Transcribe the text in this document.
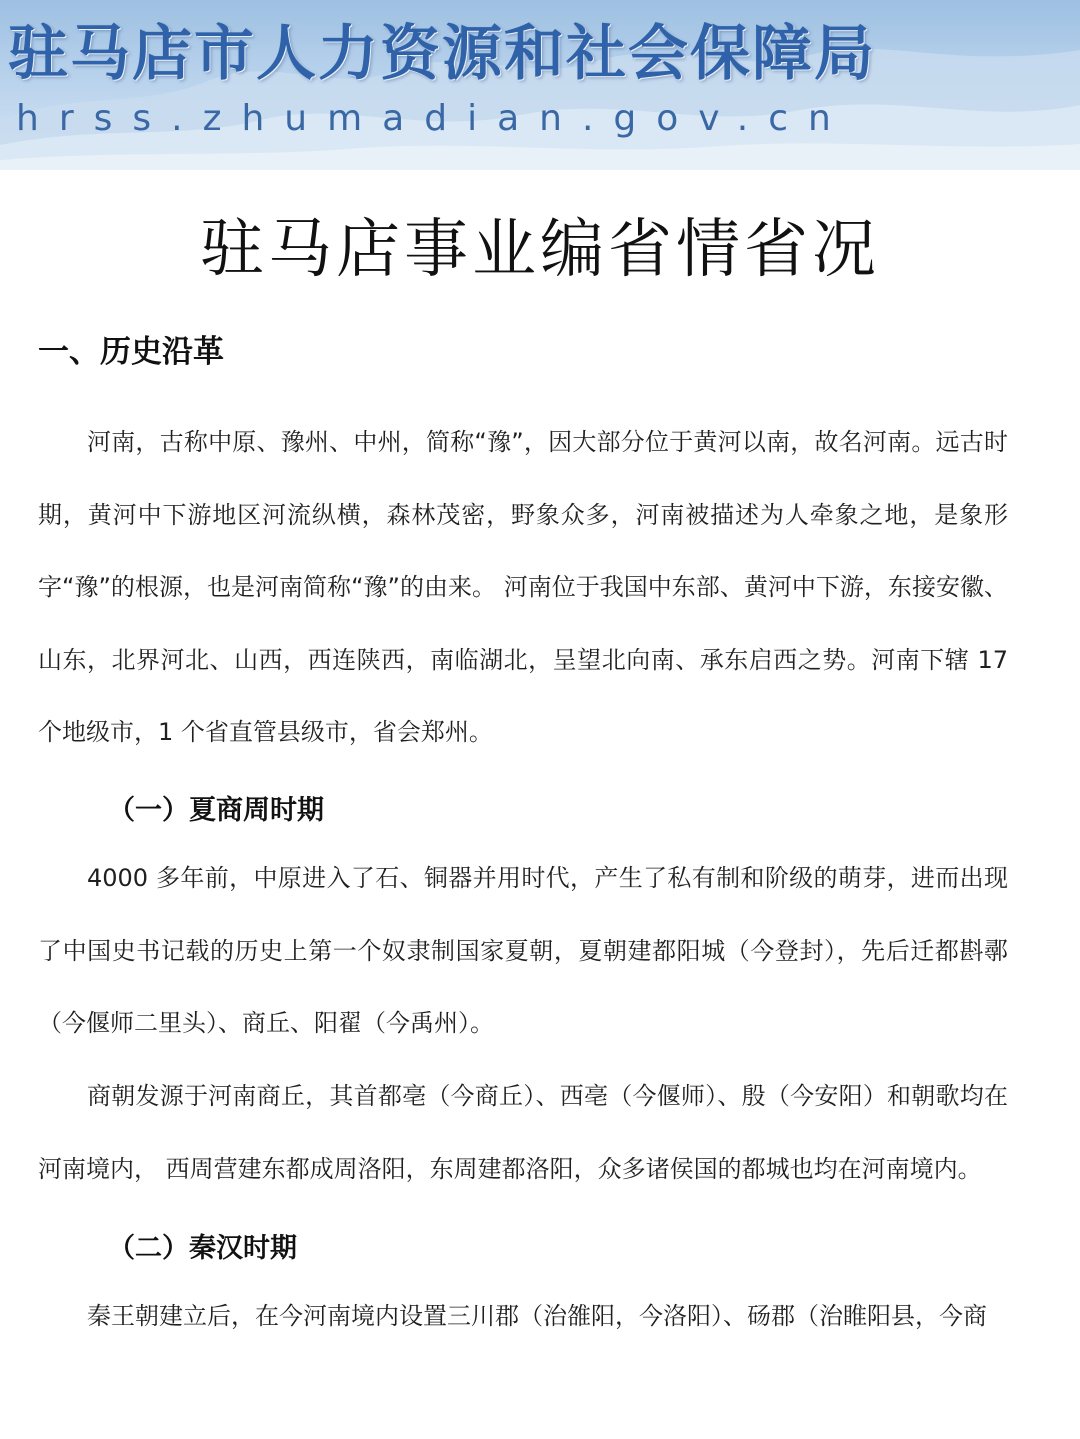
驻马店市人力资源和社会保障局
hrss.zhumadian.gov.cn
驻马店事业编省情省况
一、历史沿革

河南，古称中原、豫州、中州，简称“豫”，因大部分位于黄河以南，故名河南。远古时期，黄河中下游地区河流纵横，森林茂密，野象众多，河南被描述为人牵象之地，是象形字“豫”的根源，也是河南简称“豫”的由来。 河南位于我国中东部、黄河中下游，东接安徽、山东，北界河北、山西，西连陕西，南临湖北，呈望北向南、承东启西之势。河南下辖 17 个地级市，1 个省直管县级市，省会郑州。

（一）夏商周时期

4000 多年前，中原进入了石、铜器并用时代，产生了私有制和阶级的萌芽，进而出现了中国史书记载的历史上第一个奴隶制国家夏朝，夏朝建都阳城（今登封），先后迁都斟鄩（今偃师二里头）、商丘、阳翟（今禹州）。

商朝发源于河南商丘，其首都亳（今商丘）、西亳（今偃师）、殷（今安阳）和朝歌均在河南境内， 西周营建东都成周洛阳，东周建都洛阳，众多诸侯国的都城也均在河南境内。

（二）秦汉时期

秦王朝建立后，在今河南境内设置三川郡（治雒阳，今洛阳）、砀郡（治睢阳县，今商
